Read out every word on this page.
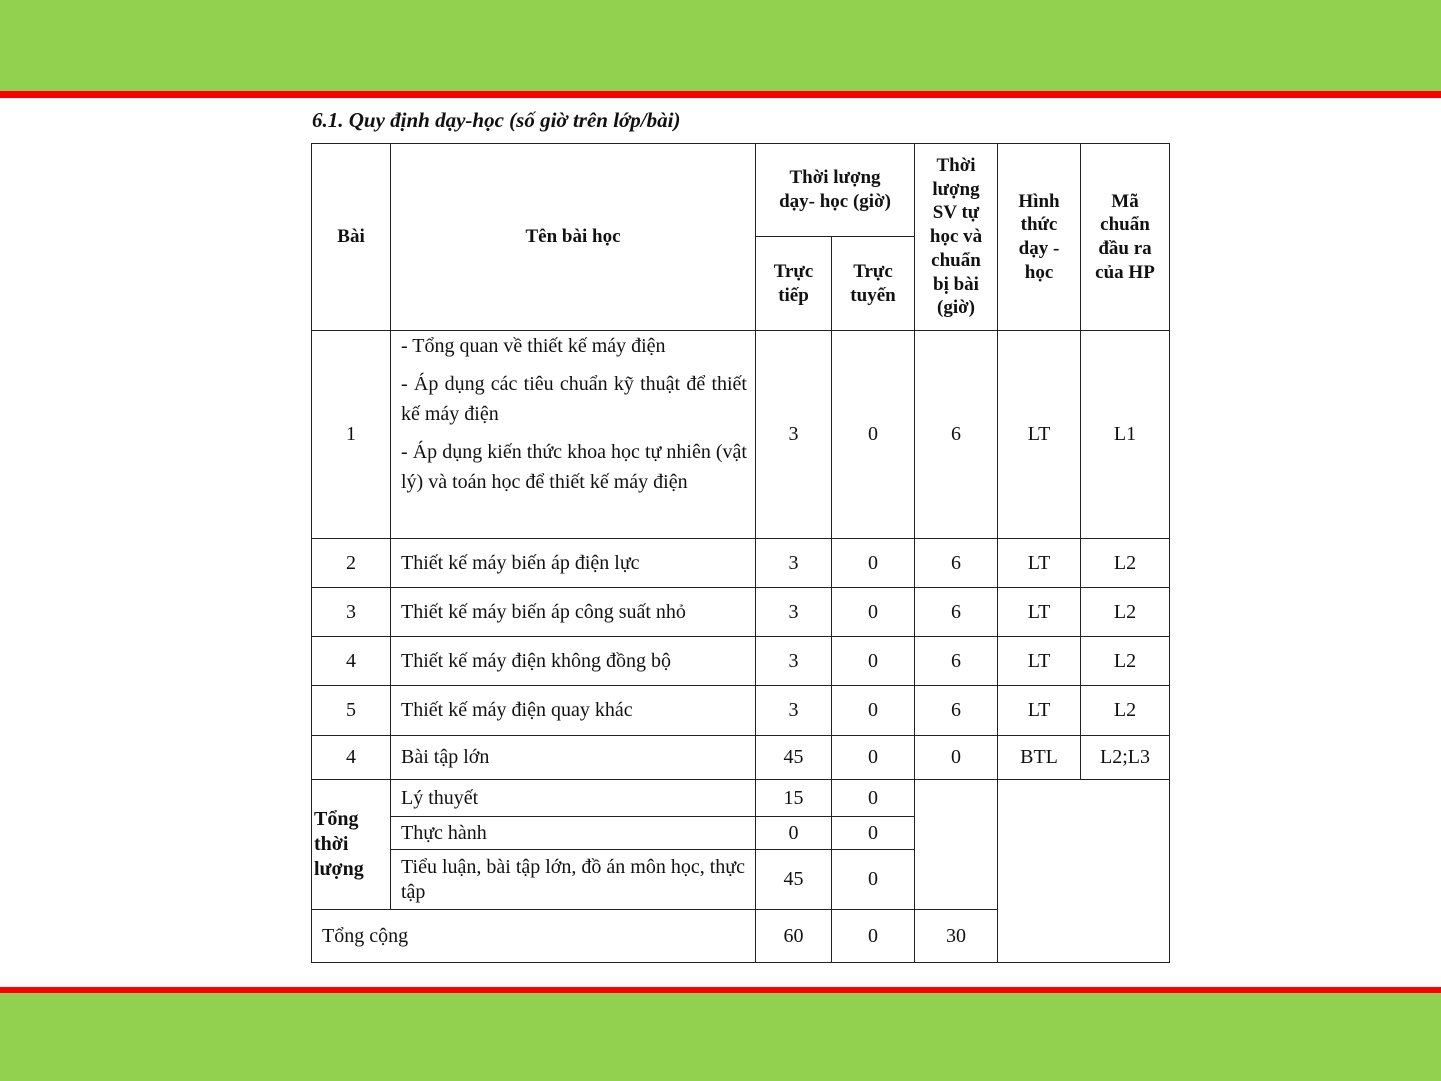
6.1. Quy định dạy-học (số giờ trên lớp/bài)
Bài	Tên bài học	Thời lượng dạy- học (giờ)		Thời lượng SV tự học và chuẩn bị bài (giờ)	Hình thức dạy - học	Mã chuẩn đầu ra của HP
		Trực tiếp	Trực tuyến			
1	- Tổng quan về thiết kế máy điện

- Áp dụng các tiêu chuẩn kỹ thuật để thiết kế máy điện

- Áp dụng kiến thức khoa học tự nhiên (vật lý) và toán học để thiết kế máy điện	3	0	6	LT	L1
2	Thiết kế máy biến áp điện lực	3	0	6	LT	L2
3	Thiết kế máy biến áp công suất nhỏ	3	0	6	LT	L2
4	Thiết kế máy điện không đồng bộ	3	0	6	LT	L2
5	Thiết kế máy điện quay khác	3	0	6	LT	L2
4	Bài tập lớn	45	0	0	BTL	L2;L3
Tổng thời lượng	Lý thuyết	15	0			
	Thực hành	0	0			
	Tiểu luận, bài tập lớn, đồ án môn học, thực tập	45	0			
Tổng cộng		60	0	30		
